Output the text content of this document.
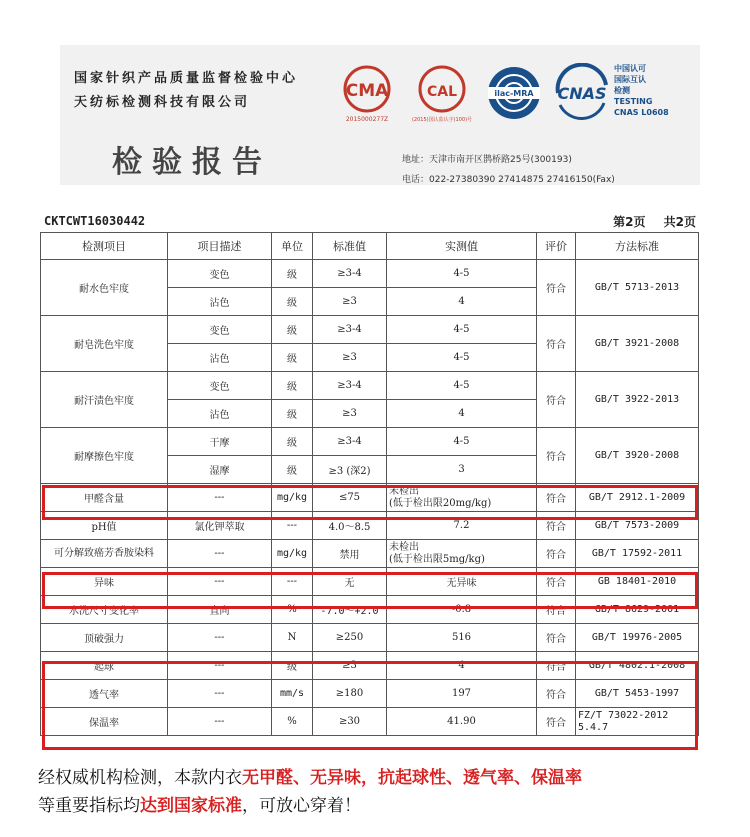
国家针织产品质量监督检验中心
天纺标检测科技有限公司
CMA
2015000277Z
CAL
(2015)国认监认字(100)号
ilac-MRA CNAS
中国认可
国际互认
检测
TESTING
CNAS L0608
检验报告	地址：天津市南开区鹊桥路25号(300193)
电话：022-27380390 27414875 27416150(Fax)
CKTCWT16030442	第2页 共2页
检测项目	项目描述	单位	标准值	实测值	评价	方法标准
耐水色牢度	变色	级	≥3-4	4-5	符合	GB/T 5713-2013
	沾色	级	≥3	4		
耐皂洗色牢度	变色	级	≥3-4	4-5	符合	GB/T 3921-2008
	沾色	级	≥3	4-5		
耐汗渍色牢度	变色	级	≥3-4	4-5	符合	GB/T 3922-2013
	沾色	级	≥3	4		
耐摩擦色牢度	干摩	级	≥3-4	4-5	符合	GB/T 3920-2008
	湿摩	级	≥3 (深2)	3		
甲醛含量	---	mg/kg	≤75	未检出
(低于检出限20mg/kg)	符合	GB/T 2912.1-2009
pH值	氯化钾萃取	---	4.0～8.5	7.2	符合	GB/T 7573-2009
可分解致癌芳香胺染料	---	mg/kg	禁用	未检出
(低于检出限5mg/kg)	符合	GB/T 17592-2011
异味	---	---	无	无异味	符合	GB 18401-2010
水洗尺寸变化率	直向	%	-7.0～+2.0	-0.8	符合	GB/T 8629-2001
顶破强力	---	N	≥250	516	符合	GB/T 19976-2005
起球	---	级	≥3	4	符合	GB/T 4802.1-2008
透气率	---	mm/s	≥180	197	符合	GB/T 5453-1997
保温率	---	%	≥30	41.90	符合	FZ/T 73022-2012 5.4.7
经权威机构检测，本款内衣无甲醛、无异味，抗起球性、透气率、保温率
等重要指标均达到国家标准，可放心穿着！
